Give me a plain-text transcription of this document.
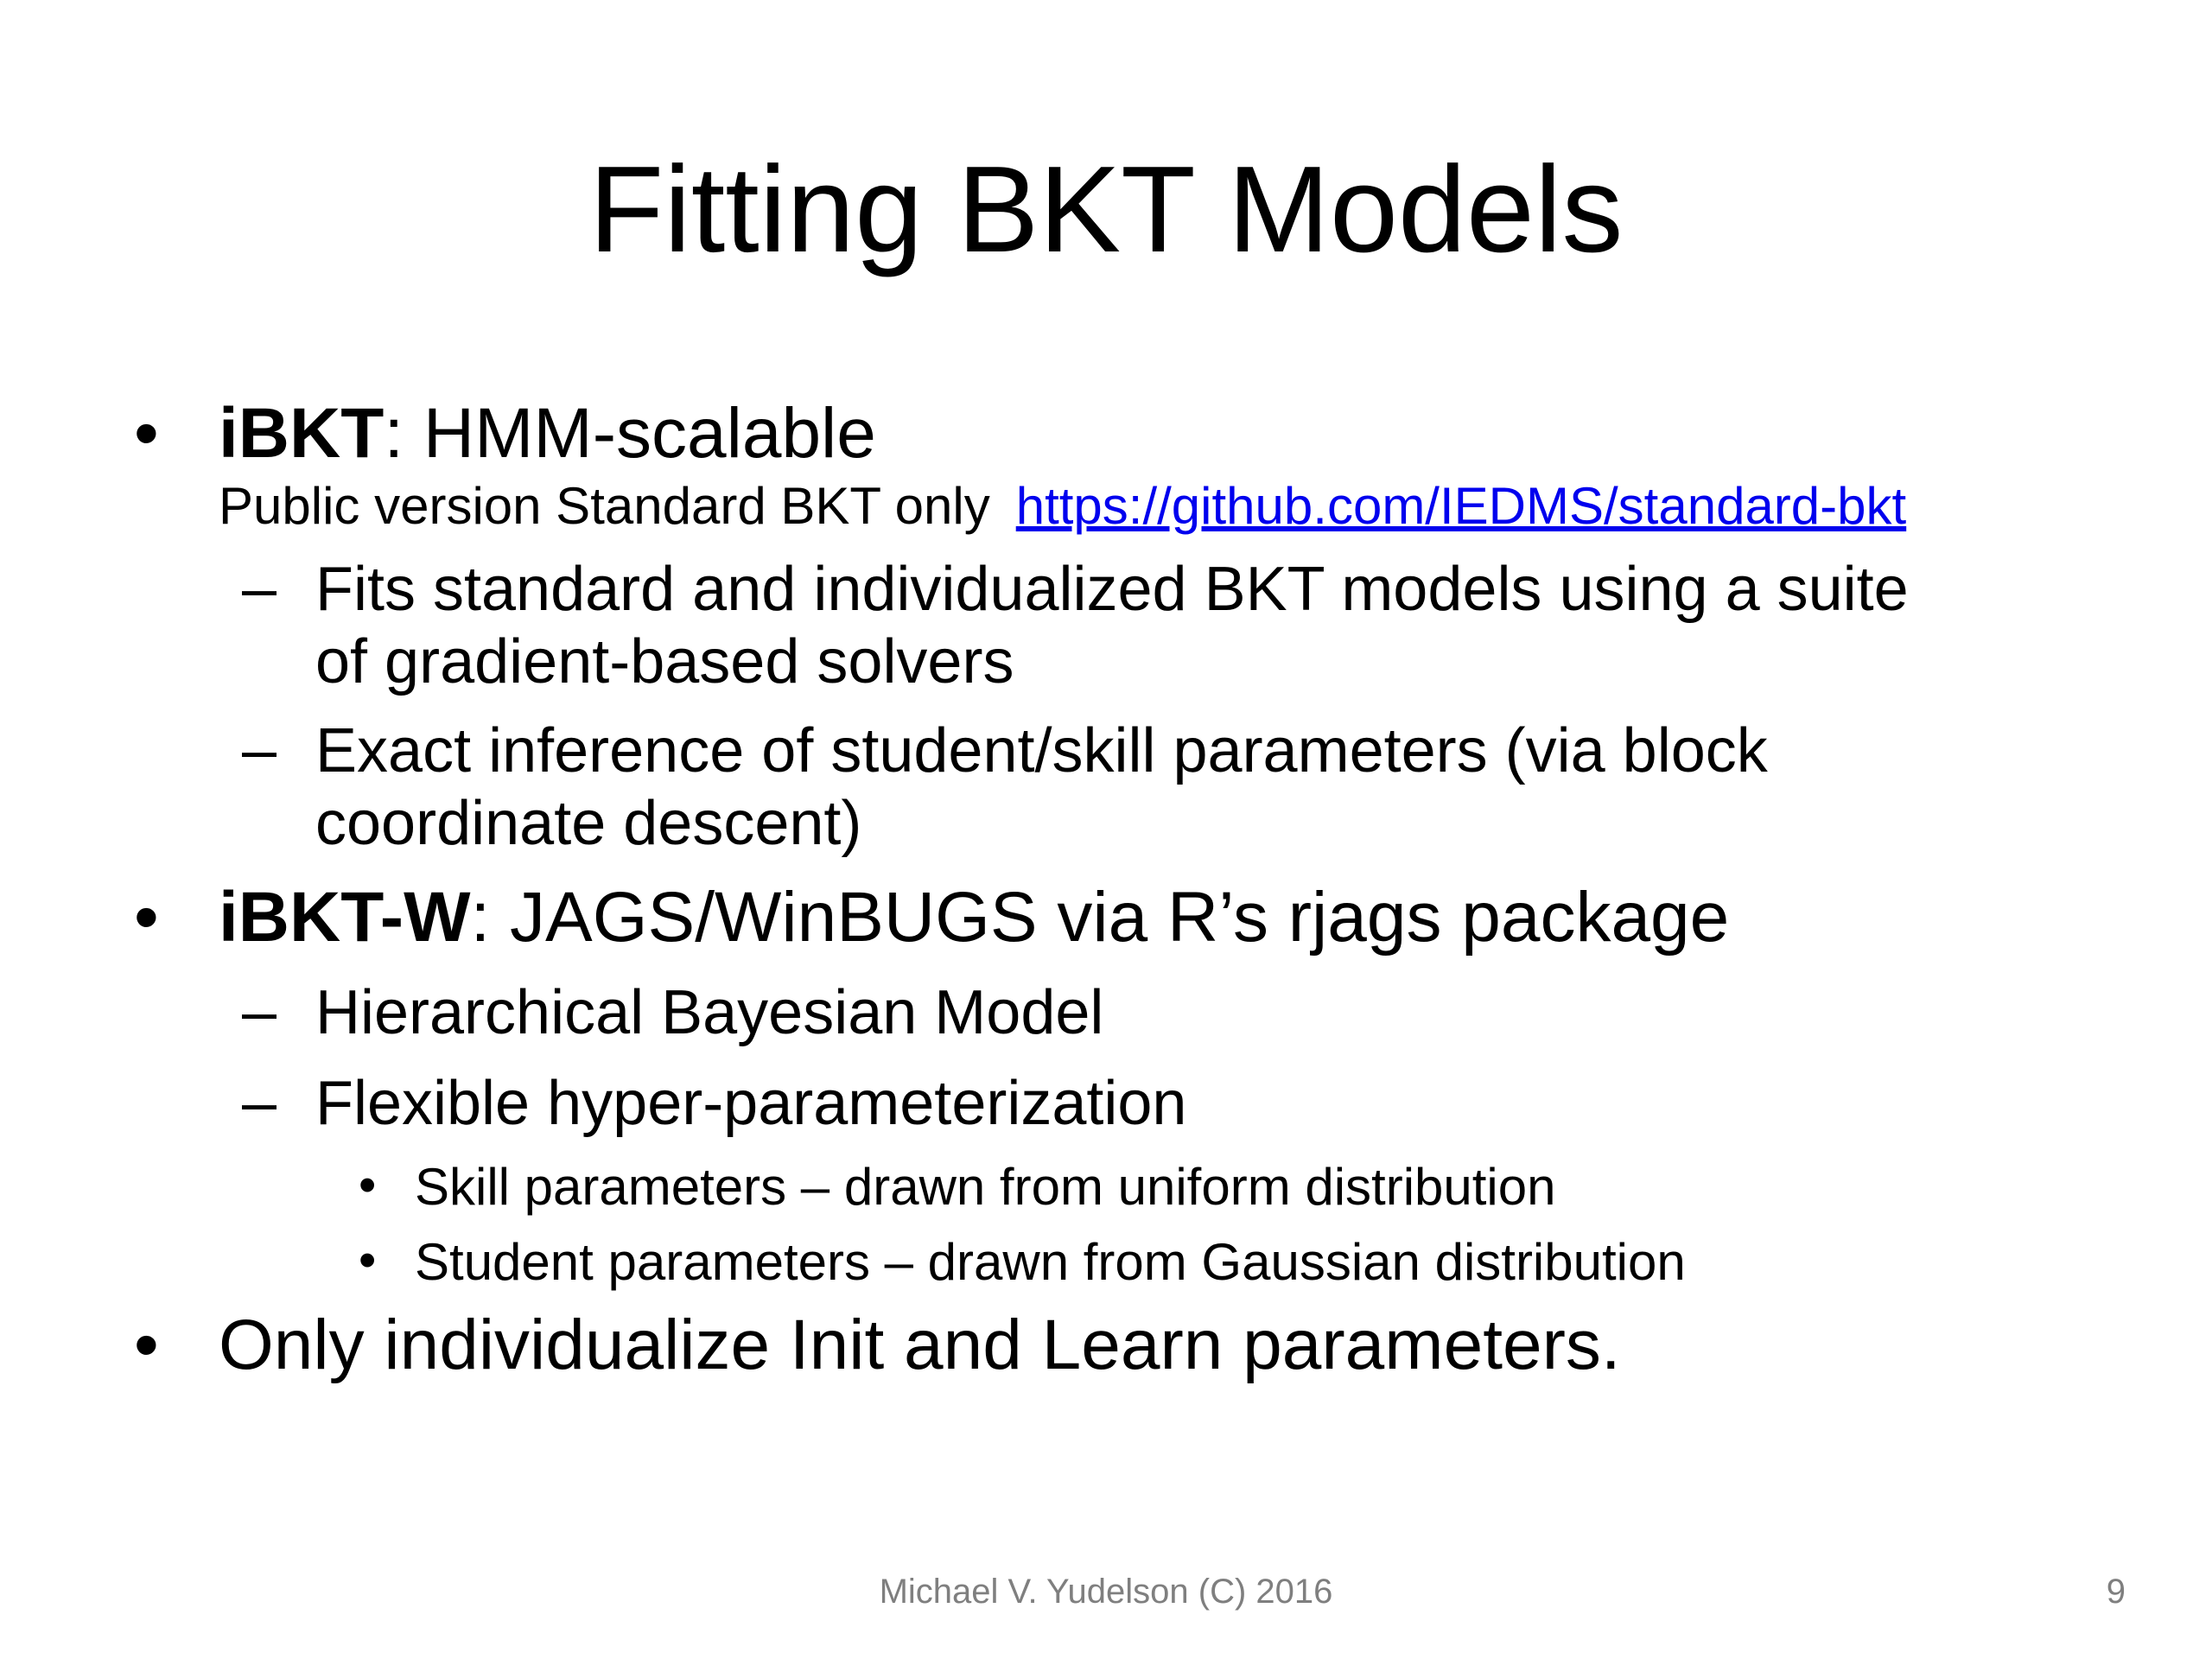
Fitting BKT Models
• iBKT: HMM-scalable
Public version Standard BKT only https://github.com/IEDMS/standard-bkt
– Fits standard and individualized BKT models using a suite
of gradient-based solvers
– Exact inference of student/skill parameters (via block
coordinate descent)
• iBKT-W: JAGS/WinBUGS via R’s rjags package
– Hierarchical Bayesian Model
– Flexible hyper-parameterization
• Skill parameters – drawn from uniform distribution
• Student parameters – drawn from Gaussian distribution
• Only individualize Init and Learn parameters.
Michael V. Yudelson (C) 2016	9
